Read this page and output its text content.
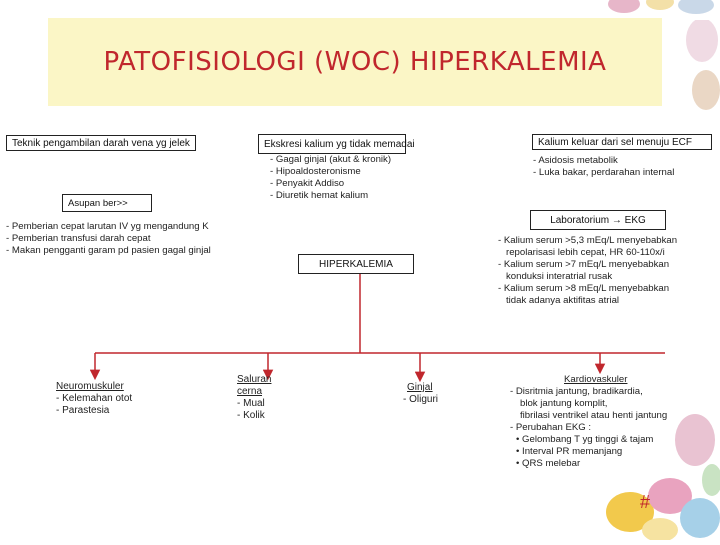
PATOFISIOLOGI (WOC) HIPERKALEMIA
Teknik pengambilan darah vena yg jelek	Ekskresi kalium yg tidak memadai	Kalium keluar dari sel menuju ECF
- Gagal ginjal (akut & kronik)
- Hipoaldosteronisme
- Penyakit Addiso
- Diuretik hemat kalium
- Asidosis metabolik
- Luka bakar, perdarahan internal
Asupan ber>>
- Pemberian cepat larutan IV yg mengandung K
- Pemberian transfusi darah cepat
- Makan pengganti garam pd pasien gagal ginjal
Laboratorium → EKG
- Kalium serum >5,3 mEq/L menyebabkan
repolarisasi lebih cepat, HR 60-110x/i
- Kalium serum >7 mEq/L menyebabkan
konduksi interatrial rusak
- Kalium serum >8 mEq/L menyebabkan
tidak adanya aktifitas atrial
HIPERKALEMIA
Neuromuskuler
- Kelemahan otot
- Parastesia
Saluran
cerna
- Mual
- Kolik
Ginjal
- Oliguri
Kardiovaskuler
- Disritmia jantung, bradikardia,
blok jantung komplit,
fibrilasi ventrikel atau henti jantung
- Perubahan EKG :
• Gelombang T yg tinggi & tajam
• Interval PR memanjang
• QRS melebar
#
